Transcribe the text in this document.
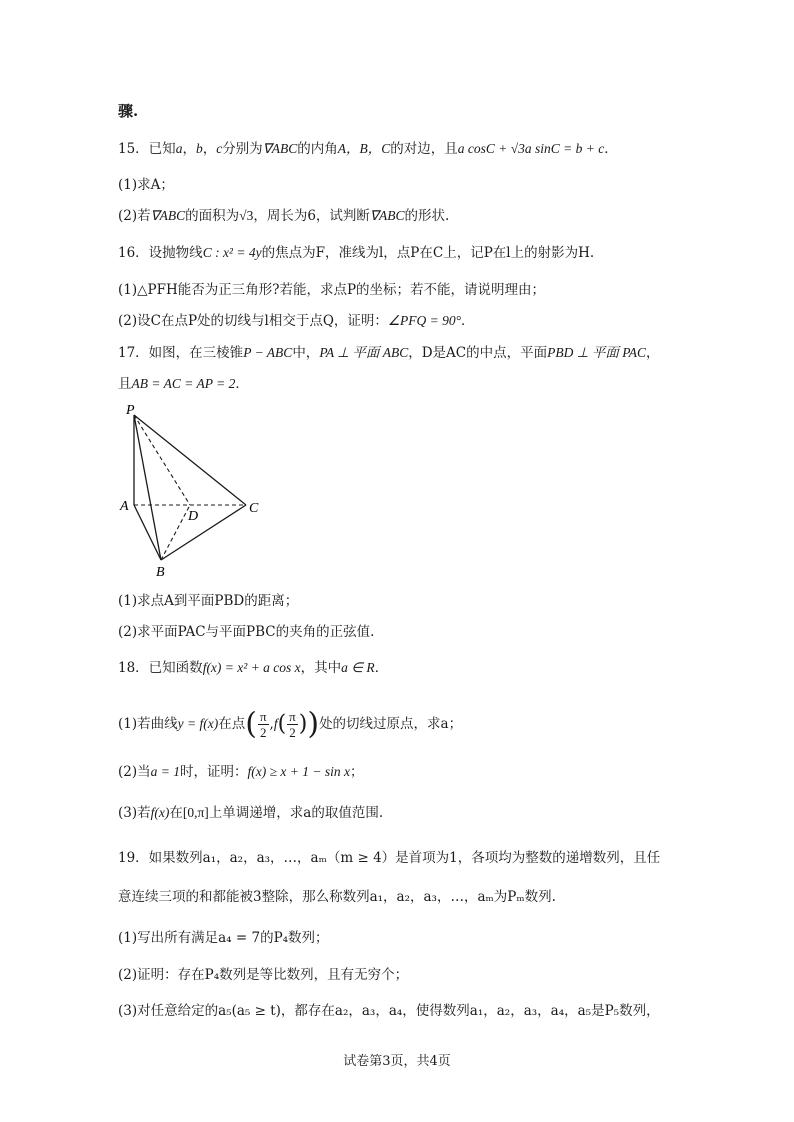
骤.
15．已知a，b，c分别为∇ABC的内角A，B，C的对边，且a cosC + √3a sinC = b + c．
(1)求A；
(2)若∇ABC的面积为√3，周长为6，试判断∇ABC的形状.
16．设抛物线C : x² = 4y的焦点为F，准线为l，点P在C上，记P在l上的射影为H.
(1)△PFH能否为正三角形?若能，求点P的坐标；若不能，请说明理由；
(2)设C在点P处的切线与l相交于点Q，证明：∠PFQ = 90°．
17．如图，在三棱锥P − ABC中，PA ⊥ 平面 ABC，D是AC的中点，平面PBD ⊥ 平面 PAC，
且AB = AC = AP = 2．
P
A
D
C
B
(1)求点A到平面PBD的距离；
(2)求平面PAC与平面PBC的夹角的正弦值.
18．已知函数f(x) = x² + a cos x，其中a ∈ R．
(1)若曲线y = f(x)在点( $\frac{\pi}{2} ,f( \frac{\pi}{2}$ ))处的切线过原点，求a；
(2)当a = 1时，证明：f(x) ≥ x + 1 − sin x；
(3)若f(x)在[0,π]上单调递增，求a的取值范围.
19．如果数列a₁，a₂，a₃，…，aₘ（m ≥ 4）是首项为1，各项均为整数的递增数列，且任
意连续三项的和都能被3整除，那么称数列a₁，a₂，a₃，…，aₘ为Pₘ数列.
(1)写出所有满足a₄ = 7的P₄数列；
(2)证明：存在P₄数列是等比数列，且有无穷个；
(3)对任意给定的a₅(a₅ ≥ t)，都存在a₂，a₃，a₄，使得数列a₁，a₂，a₃，a₄，a₅是P₅数列，
试卷第3页，共4页
